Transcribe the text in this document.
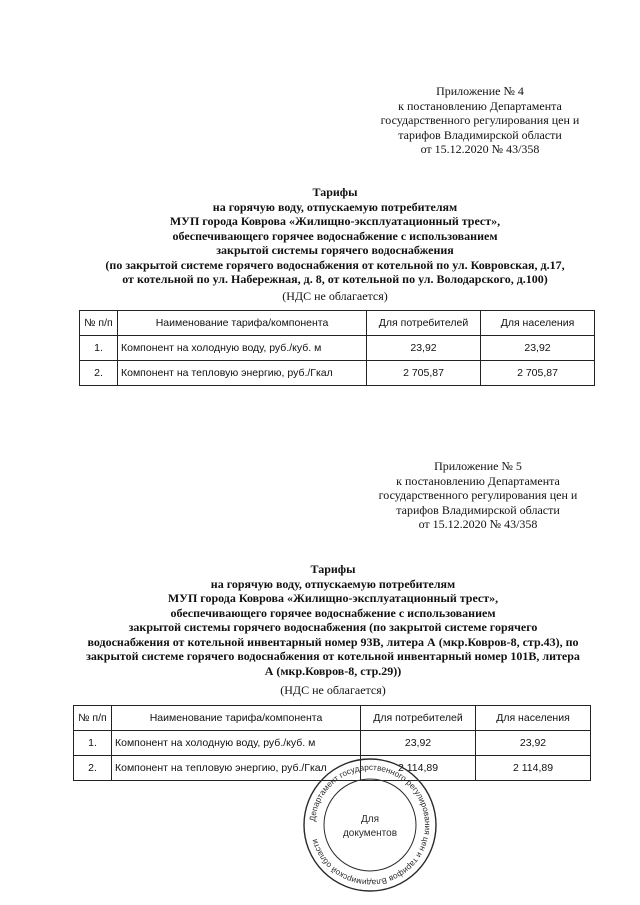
Приложение № 4
к постановлению Департамента
государственного регулирования цен и
тарифов Владимирской области
от 15.12.2020 № 43/358
Тарифы
на горячую воду, отпускаемую потребителям
МУП города Коврова «Жилищно-эксплуатационный трест»,
обеспечивающего горячее водоснабжение с использованием
закрытой системы горячего водоснабжения
(по закрытой системе горячего водоснабжения от котельной по ул. Ковровская, д.17,
от котельной по ул. Набережная, д. 8, от котельной по ул. Володарского, д.100)
(НДС не облагается)
№ п/п	Наименование тарифа/компонента	Для потребителей	Для населения
1.	Компонент на холодную воду, руб./куб. м	23,92	23,92
2.	Компонент на тепловую энергию, руб./Гкал	2 705,87	2 705,87
Приложение № 5
к постановлению Департамента
государственного регулирования цен и
тарифов Владимирской области
от 15.12.2020 № 43/358
Тарифы
на горячую воду, отпускаемую потребителям
МУП города Коврова «Жилищно-эксплуатационный трест»,
обеспечивающего горячее водоснабжение с использованием
закрытой системы горячего водоснабжения (по закрытой системе горячего
водоснабжения от котельной инвентарный номер 93В, литера А (мкр.Ковров-8, стр.43), по
закрытой системе горячего водоснабжения от котельной инвентарный номер 101В, литера
А (мкр.Ковров-8, стр.29))
(НДС не облагается)
№ п/п	Наименование тарифа/компонента	Для потребителей	Для населения
1.	Компонент на холодную воду, руб./куб. м	23,92	23,92
2.	Компонент на тепловую энергию, руб./Гкал	2 114,89	2 114,89
Департамент государственного регулирования цен и тарифов Владимирской области
Для
документов
